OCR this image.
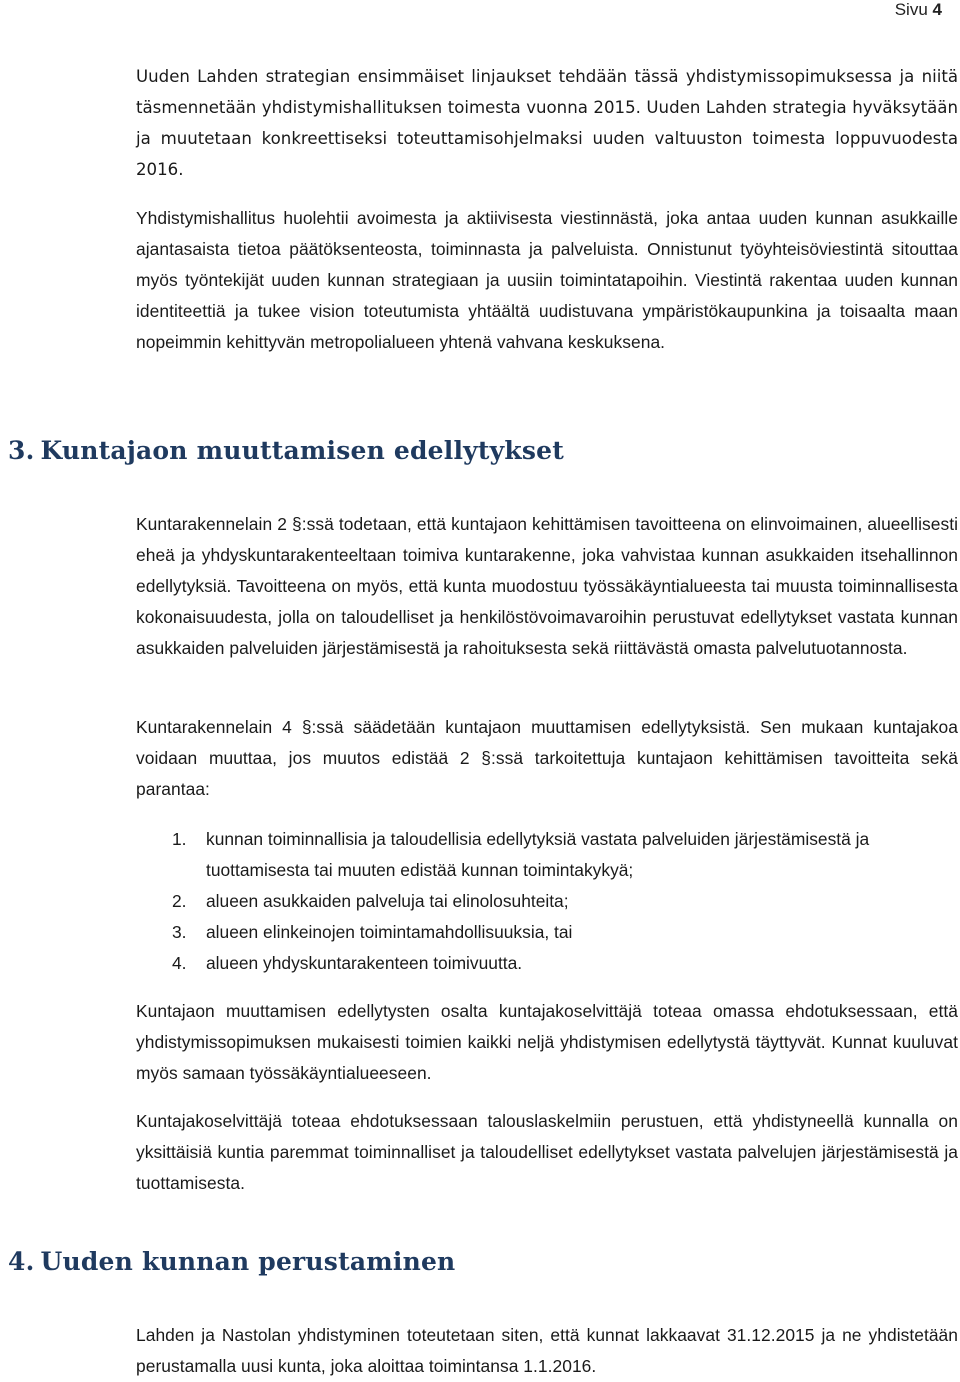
Sivu 4

Uuden Lahden strategian ensimmäiset linjaukset tehdään tässä yhdistymissopimuksessa ja niitä täsmennetään yhdistymishallituksen toimesta vuonna 2015. Uuden Lahden strategia hyväksytään ja muutetaan konkreettiseksi toteuttamisohjelmaksi uuden valtuuston toimesta loppuvuodesta 2016.

Yhdistymishallitus huolehtii avoimesta ja aktiivisesta viestinnästä, joka antaa uuden kunnan asukkaille ajantasaista tietoa päätöksenteosta, toiminnasta ja palveluista. Onnistunut työyhteisöviestintä sitouttaa myös työntekijät uuden kunnan strategiaan ja uusiin toimintatapoihin. Viestintä rakentaa uuden kunnan identiteettiä ja tukee vision toteutumista yhtäältä uudistuvana ympäristökaupunkina ja toisaalta maan nopeimmin kehittyvän metropolialueen yhtenä vahvana keskuksena.

3. Kuntajaon muuttamisen edellytykset

Kuntarakennelain 2 §:ssä todetaan, että kuntajaon kehittämisen tavoitteena on elinvoimainen, alueellisesti eheä ja yhdyskuntarakenteeltaan toimiva kuntarakenne, joka vahvistaa kunnan asukkaiden itsehallinnon edellytyksiä. Tavoitteena on myös, että kunta muodostuu työssäkäyntialueesta tai muusta toiminnallisesta kokonaisuudesta, jolla on taloudelliset ja henkilöstövoimavaroihin perustuvat edellytykset vastata kunnan asukkaiden palveluiden järjestämisestä ja rahoituksesta sekä riittävästä omasta palvelutuotannosta.

Kuntarakennelain 4 §:ssä säädetään kuntajaon muuttamisen edellytyksistä. Sen mukaan kuntajakoa voidaan muuttaa, jos muutos edistää 2 §:ssä tarkoitettuja kuntajaon kehittämisen tavoitteita sekä parantaa:

1.	kunnan toiminnallisia ja taloudellisia edellytyksiä vastata palveluiden järjestämisestä ja tuottamisesta tai muuten edistää kunnan toimintakykyä;
2.	alueen asukkaiden palveluja tai elinolosuhteita;
3.	alueen elinkeinojen toimintamahdollisuuksia, tai
4.	alueen yhdyskuntarakenteen toimivuutta.

Kuntajaon muuttamisen edellytysten osalta kuntajakoselvittäjä toteaa omassa ehdotuksessaan, että yhdistymissopimuksen mukaisesti toimien kaikki neljä yhdistymisen edellytystä täyttyvät. Kunnat kuuluvat myös samaan työssäkäyntialueeseen.

Kuntajakoselvittäjä toteaa ehdotuksessaan talouslaskelmiin perustuen, että yhdistyneellä kunnalla on yksittäisiä kuntia paremmat toiminnalliset ja taloudelliset edellytykset vastata palvelujen järjestämisestä ja tuottamisesta.

4. Uuden kunnan perustaminen

Lahden ja Nastolan yhdistyminen toteutetaan siten, että kunnat lakkaavat 31.12.2015 ja ne yhdistetään perustamalla uusi kunta, joka aloittaa toimintansa 1.1.2016.
